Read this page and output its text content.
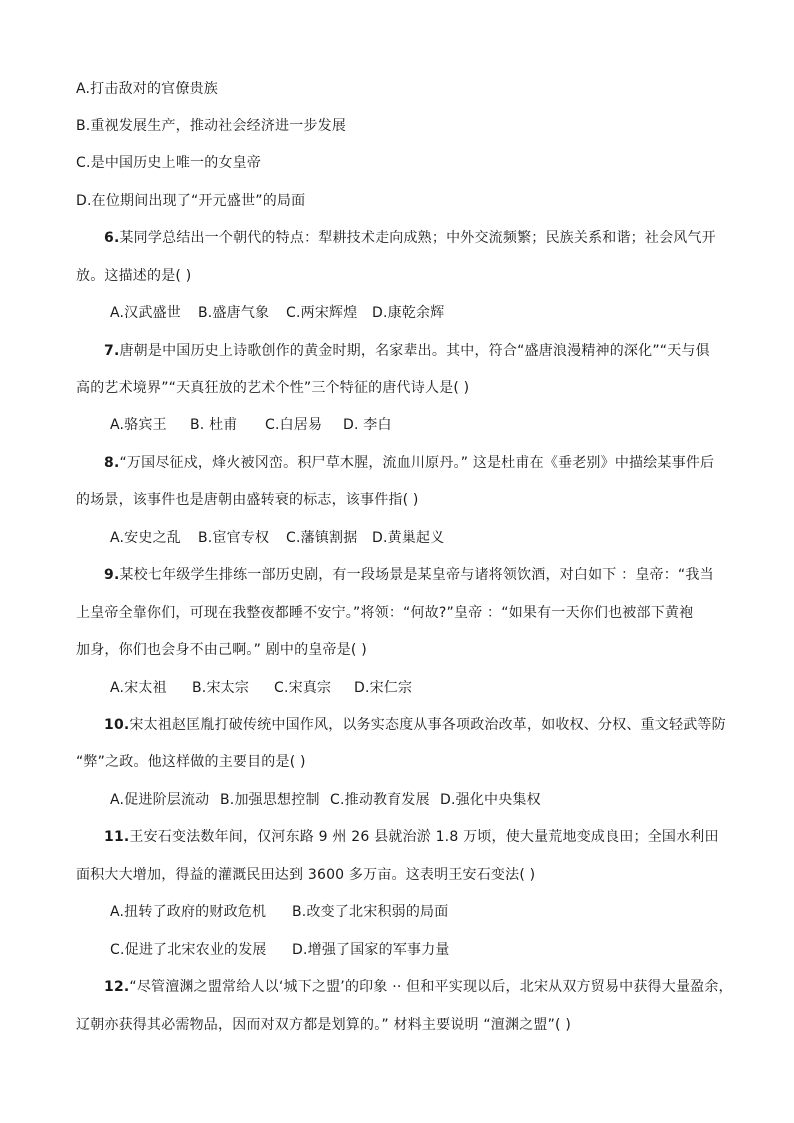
A.打击敌对的官僚贵族
B.重视发展生产，推动社会经济进一步发展
C.是中国历史上唯一的女皇帝
D.在位期间出现了“开元盛世”的局面
6.某同学总结出一个朝代的特点：犁耕技术走向成熟；中外交流频繁；民族关系和谐；社会风气开
放。这描述的是( )
A.汉武盛世 B.盛唐气象 C.两宋辉煌 D.康乾余辉
7.唐朝是中国历史上诗歌创作的黄金时期，名家辈出。其中，符合“盛唐浪漫精神的深化”“天与俱
高的艺术境界”“天真狂放的艺术个性”三个特征的唐代诗人是( )
A.骆宾王 B. 杜甫 C.白居易 D. 李白
8.“万国尽征戍，烽火被冈峦。积尸草木腥，流血川原丹。” 这是杜甫在《垂老别》中描绘某事件后
的场景，该事件也是唐朝由盛转衰的标志，该事件指( )
A.安史之乱 B.宦官专权 C.藩镇割据 D.黄巢起义
9.某校七年级学生排练一部历史剧，有一段场景是某皇帝与诸将领饮酒，对白如下 ：皇帝：“我当
上皇帝全靠你们，可现在我整夜都睡不安宁。”将领：“何故?”皇帝 ：“如果有一天你们也被部下黄袍
加身，你们也会身不由己啊。” 剧中的皇帝是( )
A.宋太祖 B.宋太宗 C.宋真宗 D.宋仁宗
10.宋太祖赵匡胤打破传统中国作风，以务实态度从事各项政治改革，如收权、分权、重文轻武等防
“弊”之政。他这样做的主要目的是( )
A.促进阶层流动 B.加强思想控制 C.推动教育发展 D.强化中央集权
11.王安石变法数年间，仅河东路 9 州 26 县就治淤 1.8 万顷，使大量荒地变成良田；全国水利田
面积大大增加，得益的灌溉民田达到 3600 多万亩。这表明王安石变法( )
A.扭转了政府的财政危机 B.改变了北宋积弱的局面
C.促进了北宋农业的发展 D.增强了国家的军事力量
12.“尽管澶渊之盟常给人以‘城下之盟’的印象 ·· 但和平实现以后，北宋从双方贸易中获得大量盈余，
辽朝亦获得其必需物品，因而对双方都是划算的。” 材料主要说明 “澶渊之盟”( )
